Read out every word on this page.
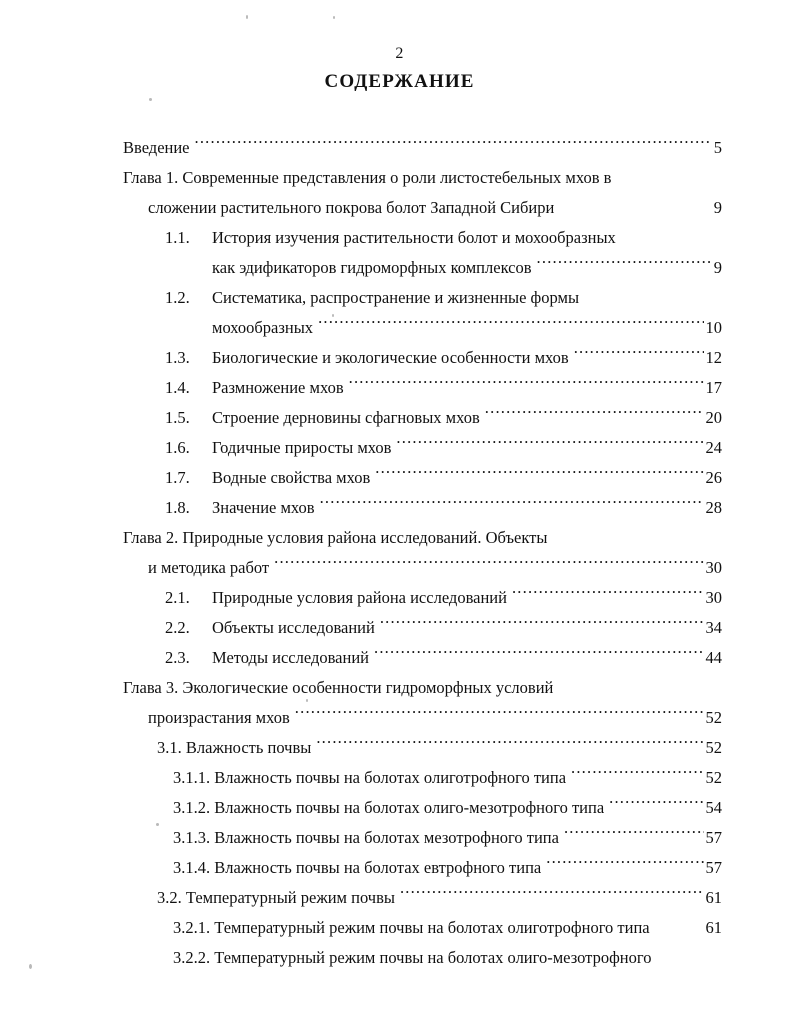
2
СОДЕРЖАНИЕ
Введение .....	5
Глава 1. Современные представления о роли листостебельных мхов в
сложении растительного покрова болот Западной Сибири	9
1.1.	История изучения растительности болот и мохообразных
как эдификаторов гидроморфных комплексов .....	9
1.2.	Систематика, распространение и жизненные формы
мохообразных .....	10
1.3.	Биологические и экологические особенности мхов .....	12
1.4.	Размножение мхов .....	17
1.5.	Строение дерновины сфагновых мхов .....	20
1.6.	Годичные приросты мхов .....	24
1.7.	Водные свойства мхов .....	26
1.8.	Значение мхов .....	28
Глава 2. Природные условия района исследований. Объекты
и методика работ .....	30
2.1.	Природные условия района исследований .....	30
2.2.	Объекты исследований .....	34
2.3.	Методы исследований .....	44
Глава 3. Экологические особенности гидроморфных условий
произрастания мхов .....	52
3.1. Влажность почвы .....	52
3.1.1. Влажность почвы на болотах олиготрофного типа .....	52
3.1.2. Влажность почвы на болотах олиго-мезотрофного типа .....	54
3.1.3. Влажность почвы на болотах мезотрофного типа .....	57
3.1.4. Влажность почвы на болотах евтрофного типа .....	57
3.2. Температурный режим почвы .....	61
3.2.1. Температурный режим почвы на болотах олиготрофного типа	61
3.2.2. Температурный режим почвы на болотах олиго-мезотрофного
